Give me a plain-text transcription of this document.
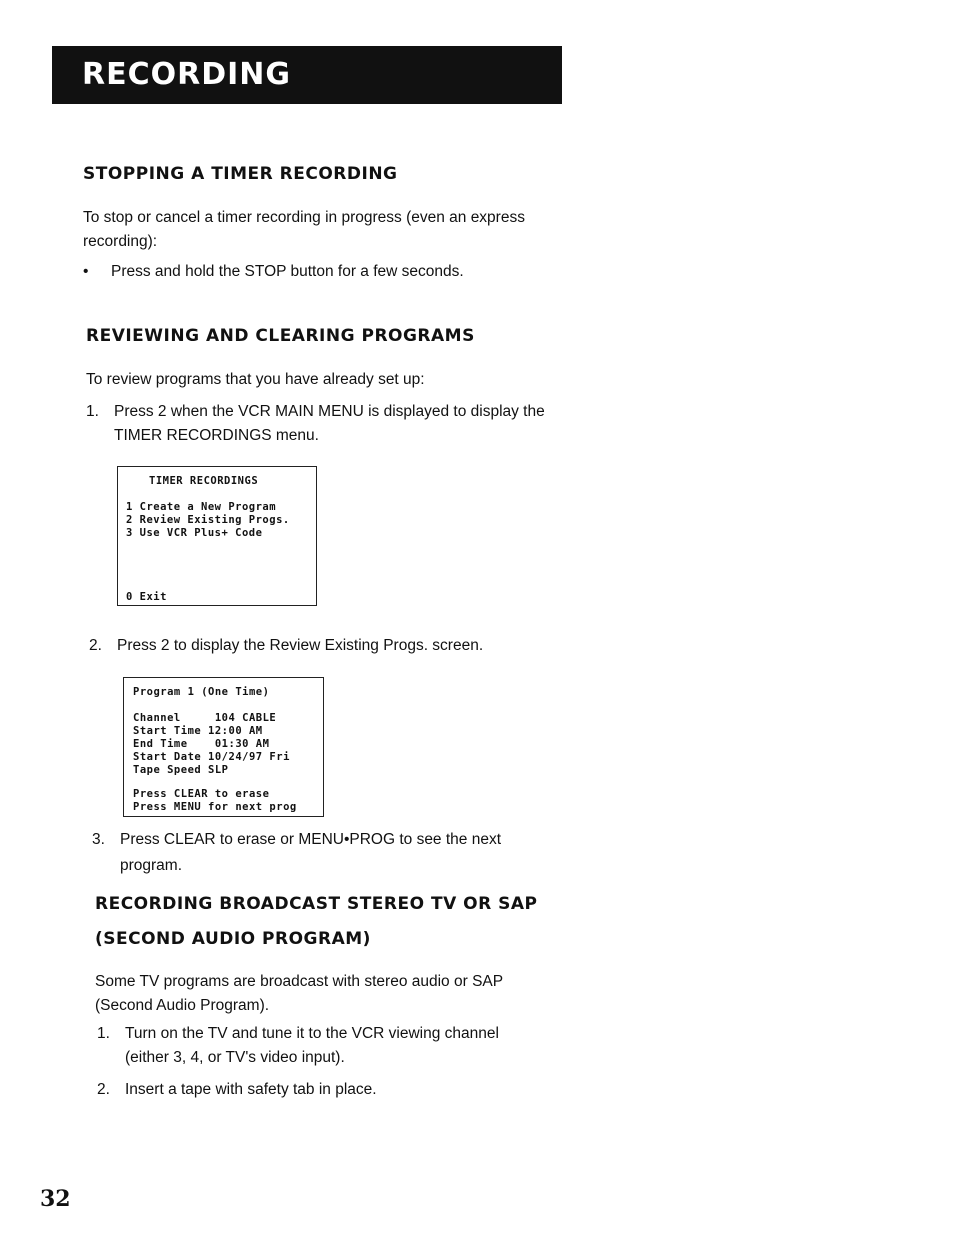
RECORDING
STOPPING A TIMER RECORDING

To stop or cancel a timer recording in progress (even an express

recording):

• Press and hold the STOP button for a few seconds.
REVIEWING AND CLEARING PROGRAMS

To review programs that you have already set up:

1. Press 2 when the VCR MAIN MENU is displayed to display the
TIMER RECORDINGS menu.
TIMER RECORDINGS
1 Create a New Program
2 Review Existing Progs.
3 Use VCR Plus+ Code
0 Exit
2. Press 2 to display the Review Existing Progs. screen.
Program 1 (One Time)
Channel     104 CABLE
Start Time 12:00 AM
End Time    01:30 AM
Start Date 10/24/97 Fri
Tape Speed SLP
Press CLEAR to erase
Press MENU for next prog
3. Press CLEAR to erase or MENU•PROG to see the next
program.
RECORDING BROADCAST STEREO TV OR SAP
(SECOND AUDIO PROGRAM)

Some TV programs are broadcast with stereo audio or SAP

(Second Audio Program).

1. Turn on the TV and tune it to the VCR viewing channel
(either 3, 4, or TV's video input).
2. Insert a tape with safety tab in place.
32
